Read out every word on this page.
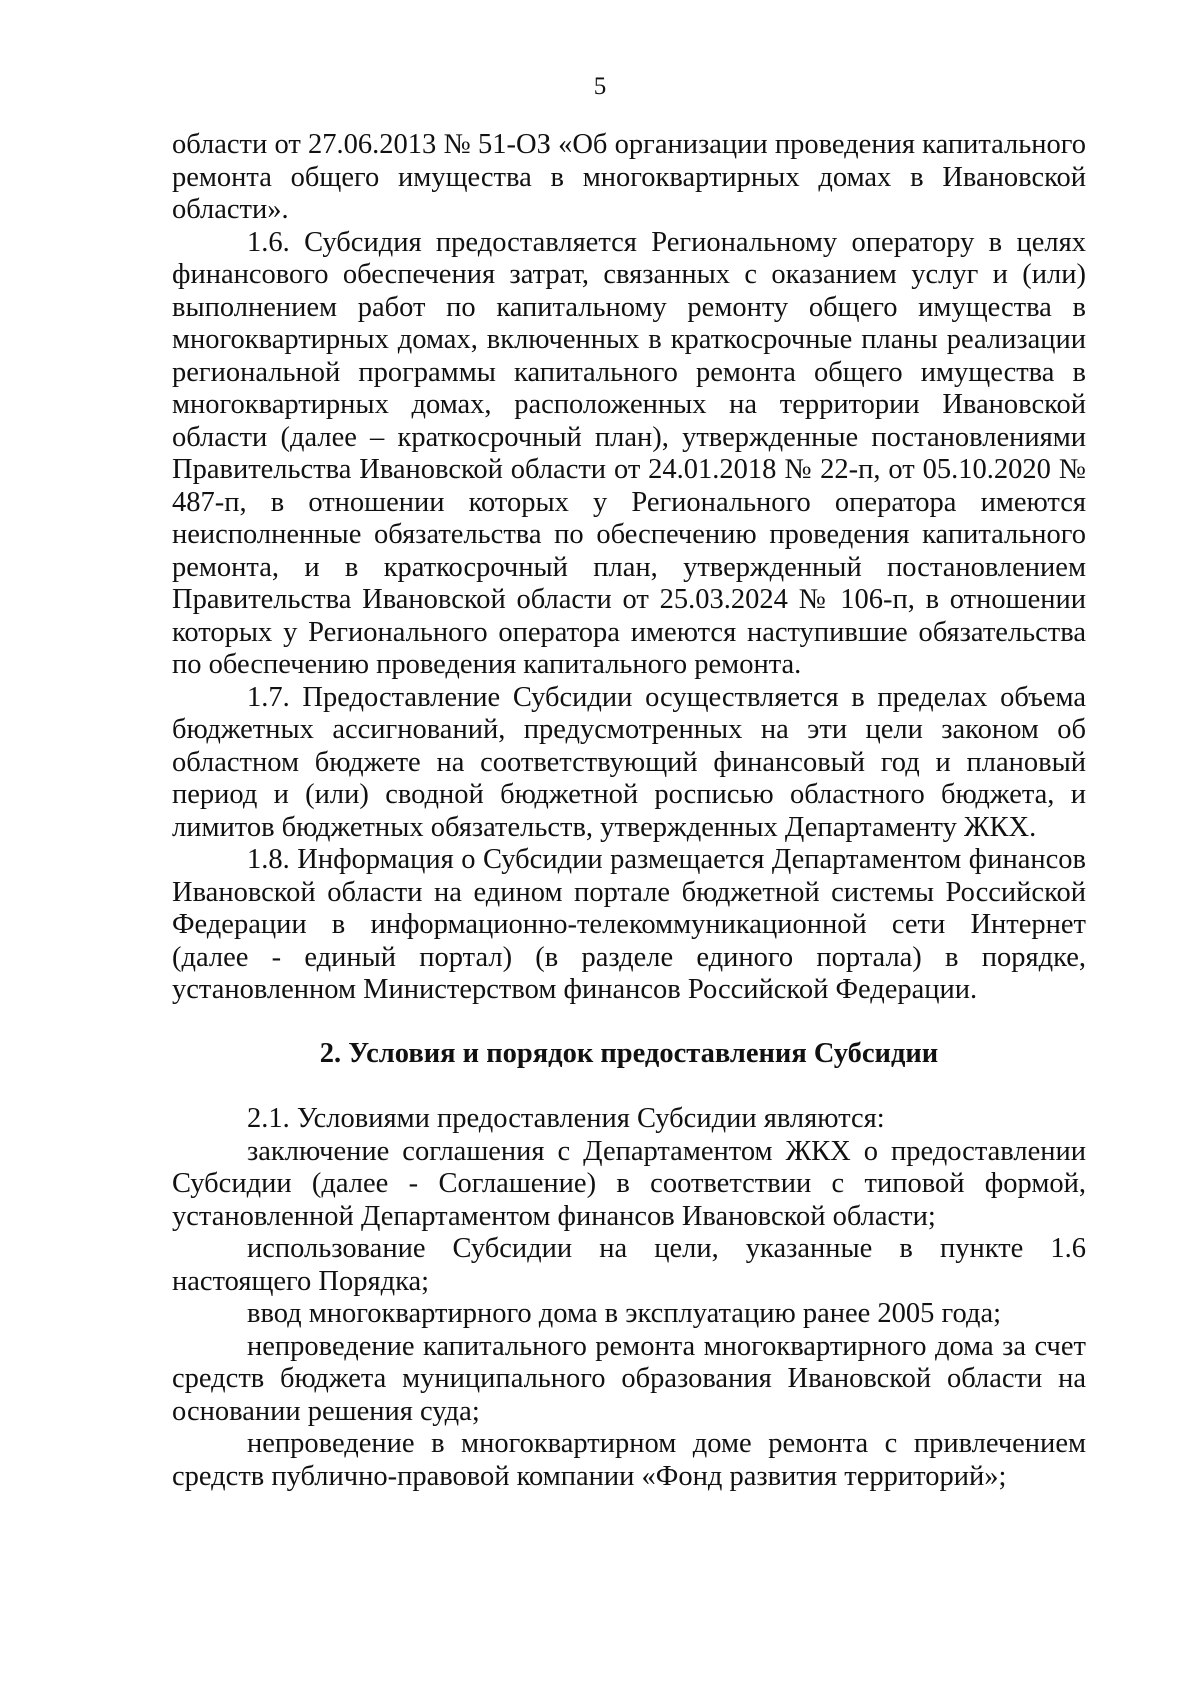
5

области от 27.06.2013 № 51-ОЗ «Об организации проведения капитального ремонта общего имущества в многоквартирных домах в Ивановской области».

1.6. Субсидия предоставляется Региональному оператору в целях финансового обеспечения затрат, связанных с оказанием услуг и (или) выполнением работ по капитальному ремонту общего имущества в многоквартирных домах, включенных в краткосрочные планы реализации региональной программы капитального ремонта общего имущества в многоквартирных домах, расположенных на территории Ивановской области (далее – краткосрочный план), утвержденные постановлениями Правительства Ивановской области от 24.01.2018 № 22-п, от 05.10.2020 № 487-п, в отношении которых у Регионального оператора имеются неисполненные обязательства по обеспечению проведения капитального ремонта, и в краткосрочный план, утвержденный постановлением Правительства Ивановской области от 25.03.2024 № 106-п, в отношении которых у Регионального оператора имеются наступившие обязательства по обеспечению проведения капитального ремонта.

1.7. Предоставление Субсидии осуществляется в пределах объема бюджетных ассигнований, предусмотренных на эти цели законом об областном бюджете на соответствующий финансовый год и плановый период и (или) сводной бюджетной росписью областного бюджета, и лимитов бюджетных обязательств, утвержденных Департаменту ЖКХ.

1.8. Информация о Субсидии размещается Департаментом финансов Ивановской области на едином портале бюджетной системы Российской Федерации в информационно-телекоммуникационной сети Интернет (далее - единый портал) (в разделе единого портала) в порядке, установленном Министерством финансов Российской Федерации.

2. Условия и порядок предоставления Субсидии

2.1. Условиями предоставления Субсидии являются:

заключение соглашения с Департаментом ЖКХ о предоставлении Субсидии (далее - Соглашение) в соответствии с типовой формой, установленной Департаментом финансов Ивановской области;

использование Субсидии на цели, указанные в пункте 1.6 настоящего Порядка;

ввод многоквартирного дома в эксплуатацию ранее 2005 года;

непроведение капитального ремонта многоквартирного дома за счет средств бюджета муниципального образования Ивановской области на основании решения суда;

непроведение в многоквартирном доме ремонта с привлечением средств публично-правовой компании «Фонд развития территорий»;
